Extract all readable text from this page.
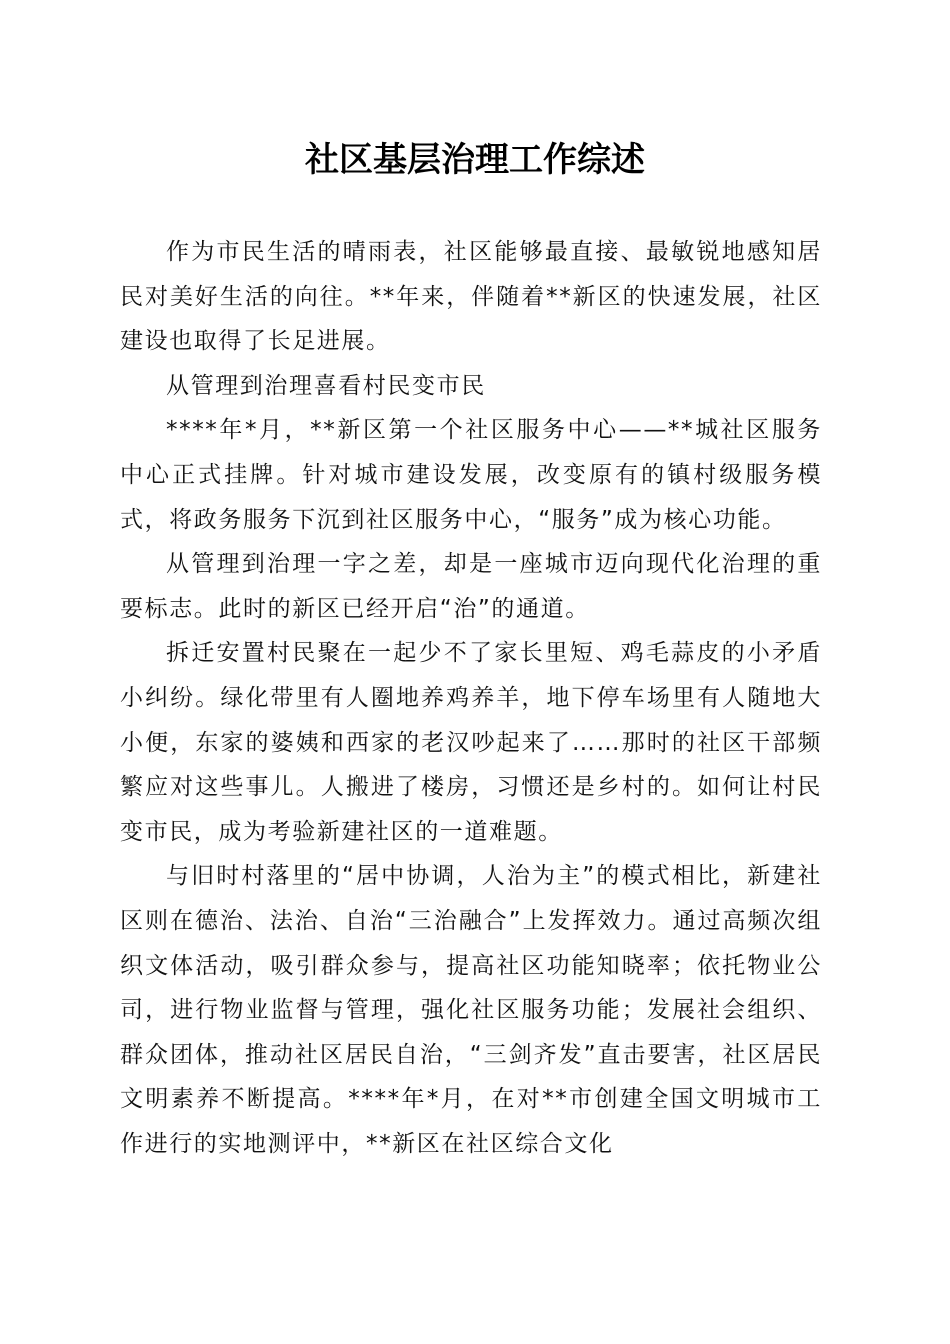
社区基层治理工作综述

作为市民生活的晴雨表，社区能够最直接、最敏锐地感知居民对美好生活的向往。**年来，伴随着**新区的快速发展，社区建设也取得了长足进展。

从管理到治理喜看村民变市民

****年*月，**新区第一个社区服务中心——**城社区服务中心正式挂牌。针对城市建设发展，改变原有的镇村级服务模式，将政务服务下沉到社区服务中心，“服务”成为核心功能。

从管理到治理一字之差，却是一座城市迈向现代化治理的重要标志。此时的新区已经开启“治”的通道。

拆迁安置村民聚在一起少不了家长里短、鸡毛蒜皮的小矛盾小纠纷。绿化带里有人圈地养鸡养羊，地下停车场里有人随地大小便，东家的婆姨和西家的老汉吵起来了……那时的社区干部频繁应对这些事儿。人搬进了楼房，习惯还是乡村的。如何让村民变市民，成为考验新建社区的一道难题。

与旧时村落里的“居中协调，人治为主”的模式相比，新建社区则在德治、法治、自治“三治融合”上发挥效力。通过高频次组织文体活动，吸引群众参与，提高社区功能知晓率；依托物业公司，进行物业监督与管理，强化社区服务功能；发展社会组织、群众团体，推动社区居民自治，“三剑齐发”直击要害，社区居民文明素养不断提高。****年*月，在对**市创建全国文明城市工作进行的实地测评中，**新区在社区综合文化
